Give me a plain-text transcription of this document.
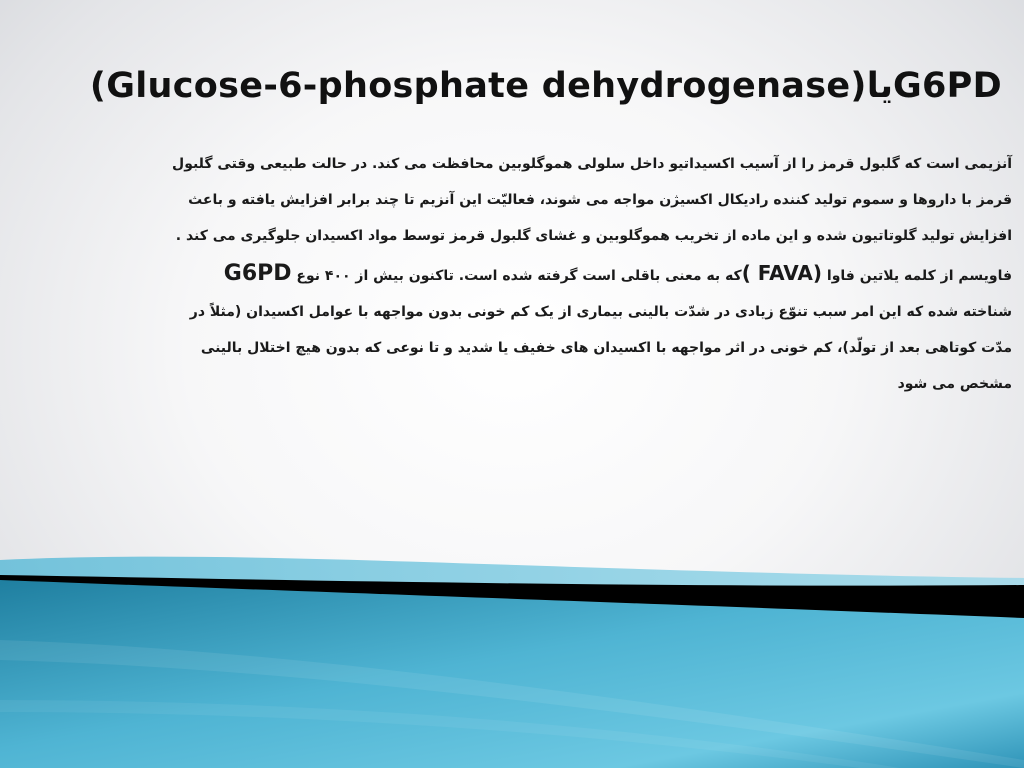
(Glucose-6-phosphate dehydrogenase)یاG6PD
آنزیمی است که گلبول قرمز را از آسیب اکسیداتیو داخل سلولی هموگلوبین محافظت می کند. در حالت طبیعی وقتی گلبول
قرمز با داروها و سموم تولید کننده رادیکال اکسیژن مواجه می شوند، فعالیّت این آنزیم تا چند برابر افزایش یافته و باعث
افزایش تولید گلوتاتیون شده و این ماده از تخریب هموگلوبین و غشای گلبول قرمز توسط مواد اکسیدان جلوگیری می کند .
فاویسم از کلمه یلاتین فاوا ( FAVA)که به معنی باقلی است گرفته شده است. تاکنون بیش از ۴۰۰ نوع G6PD
شناخته شده که این امر سبب تنوّع زیادی در شدّت بالینی بیماری از یک کم خونی بدون مواجهه با عوامل اکسیدان (مثلاً در
مدّت کوتاهی بعد از تولّد)، کم خونی در اثر مواجهه با اکسیدان های خفیف یا شدید و تا نوعی که بدون هیچ اختلال بالینی
مشخص می شود
